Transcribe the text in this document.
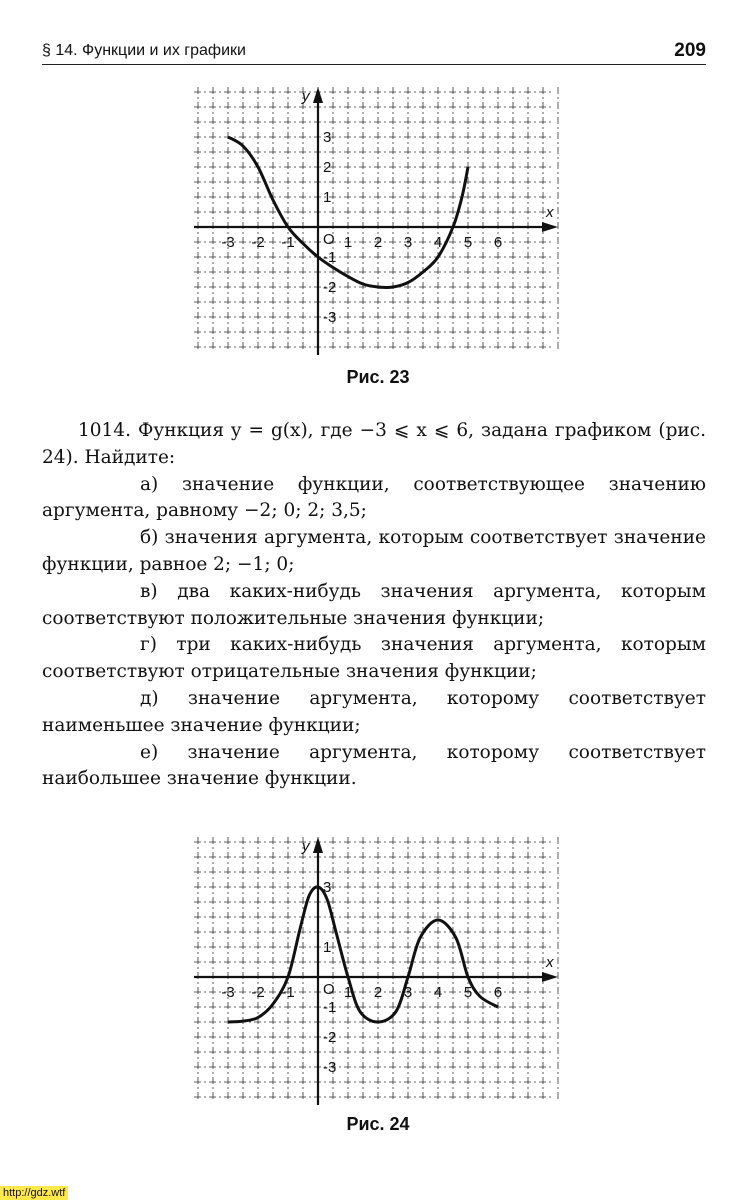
§ 14. Функции и их графики	209
x
y
O
-3 -2 -1	1 2 3 4 5 6
3
2
1
-1
-2
-3
Рис. 23

1014. Функция y = g(x), где −3 ⩽ x ⩽ 6, задана графиком (рис. 24). Найдите:

а) значение функции, соответствующее значению аргумента, равному −2; 0; 2; 3,5;

б) значения аргумента, которым соответствует значение функции, равное 2; −1; 0;

в) два каких-нибудь значения аргумента, которым соответствуют положительные значения функции;

г) три каких-нибудь значения аргумента, которым соответствуют отрицательные значения функции;

д) значение аргумента, которому соответствует наименьшее значение функции;

е) значение аргумента, которому соответствует наибольшее значение функции.

x
y
O
-3 -2 -1	1 2 3 4 5 6
3
1
-1
-2
-3
Рис. 24
http://gdz.wtf
